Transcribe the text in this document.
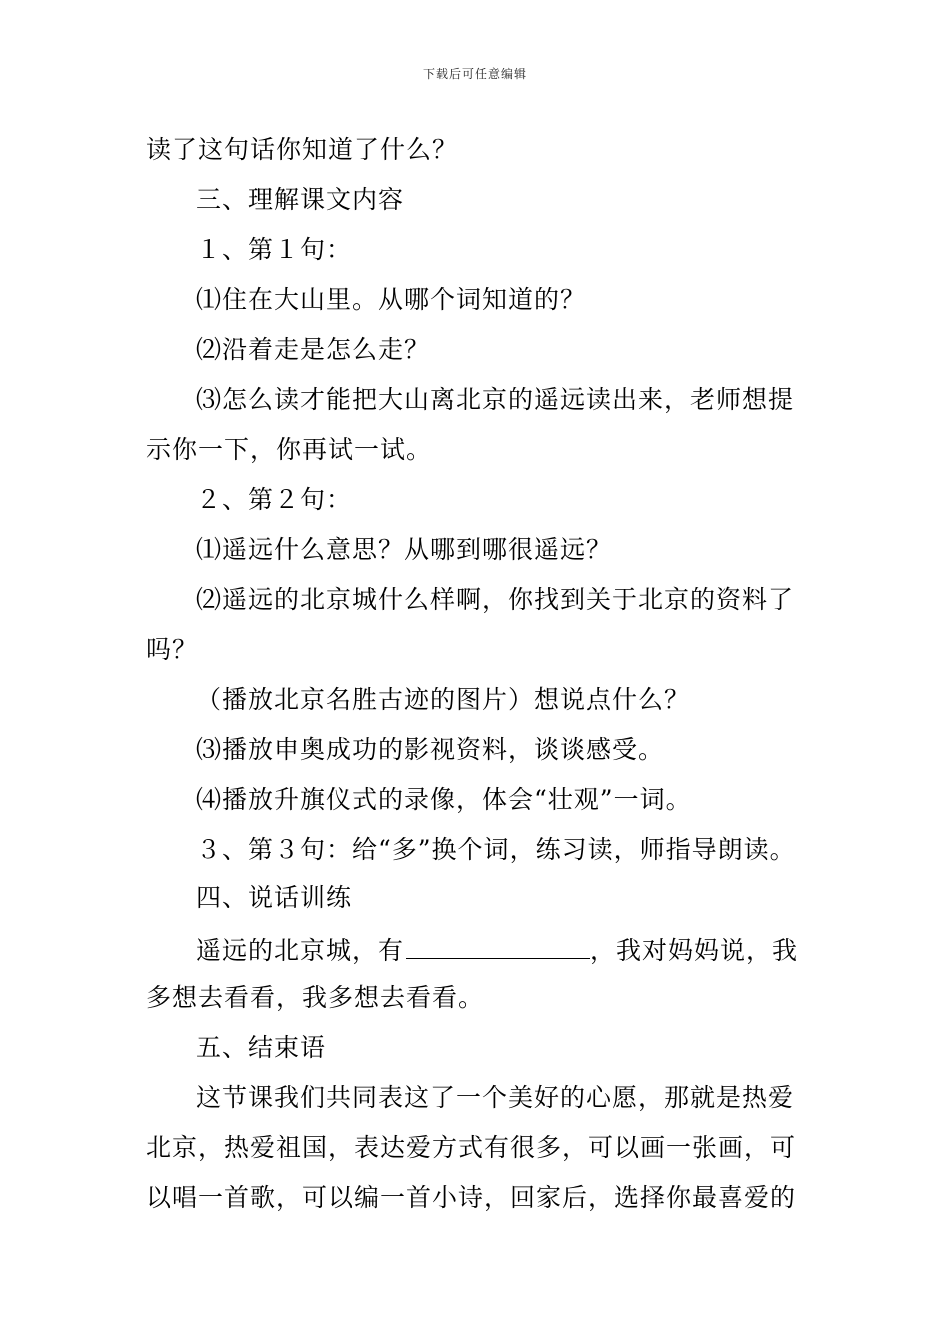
下载后可任意编辑
读了这句话你知道了什么？
三、理解课文内容
１、第１句：
⑴住在大山里。从哪个词知道的？
⑵沿着走是怎么走？
⑶怎么读才能把大山离北京的遥远读出来，老师想提
示你一下，你再试一试。
２、第２句：
⑴遥远什么意思？从哪到哪很遥远？
⑵遥远的北京城什么样啊，你找到关于北京的资料了
吗？
（播放北京名胜古迹的图片）想说点什么？
⑶播放申奥成功的影视资料，谈谈感受。
⑷播放升旗仪式的录像，体会“壮观”一词。
３、第３句：给“多”换个词，练习读，师指导朗读。
四、说话训练
遥远的北京城，有	，我对妈妈说，我
多想去看看，我多想去看看。
五、结束语
这节课我们共同表这了一个美好的心愿，那就是热爱
北京，热爱祖国，表达爱方式有很多，可以画一张画，可
以唱一首歌，可以编一首小诗，回家后，选择你最喜爱的
